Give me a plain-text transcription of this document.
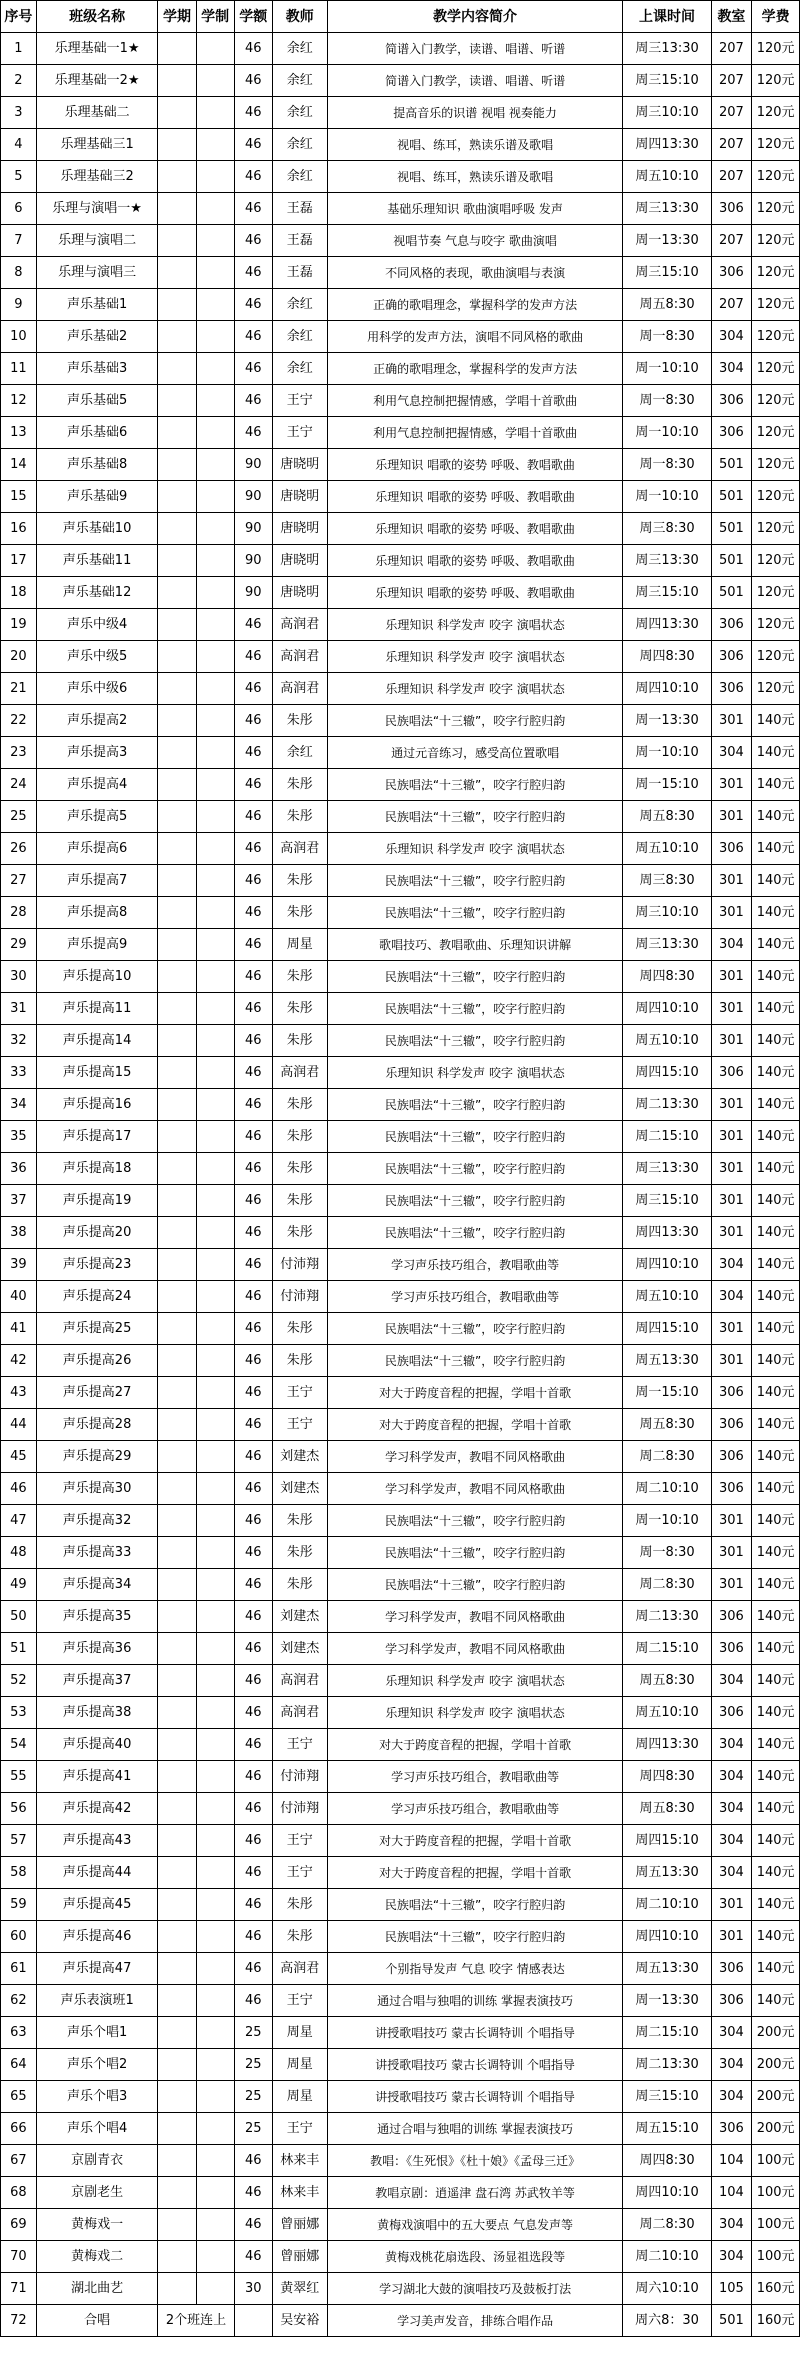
序号	班级名称	学期	学制	学额	教师	教学内容简介	上课时间	教室	学费
1	乐理基础一1★			46	余红	简谱入门教学，读谱、唱谱、听谱	周三13:30	207	120元
2	乐理基础一2★			46	余红	简谱入门教学，读谱、唱谱、听谱	周三15:10	207	120元
3	乐理基础二			46	余红	提高音乐的识谱 视唱 视奏能力	周三10:10	207	120元
4	乐理基础三1			46	余红	视唱、练耳，熟读乐谱及歌唱	周四13:30	207	120元
5	乐理基础三2			46	余红	视唱、练耳，熟读乐谱及歌唱	周五10:10	207	120元
6	乐理与演唱一★			46	王磊	基础乐理知识 歌曲演唱呼吸 发声	周三13:30	306	120元
7	乐理与演唱二			46	王磊	视唱节奏 气息与咬字 歌曲演唱	周一13:30	207	120元
8	乐理与演唱三			46	王磊	不同风格的表现，歌曲演唱与表演	周三15:10	306	120元
9	声乐基础1			46	余红	正确的歌唱理念，掌握科学的发声方法	周五8:30	207	120元
10	声乐基础2			46	余红	用科学的发声方法，演唱不同风格的歌曲	周一8:30	304	120元
11	声乐基础3			46	余红	正确的歌唱理念，掌握科学的发声方法	周一10:10	304	120元
12	声乐基础5			46	王宁	利用气息控制把握情感，学唱十首歌曲	周一8:30	306	120元
13	声乐基础6			46	王宁	利用气息控制把握情感，学唱十首歌曲	周一10:10	306	120元
14	声乐基础8			90	唐晓明	乐理知识 唱歌的姿势 呼吸、教唱歌曲	周一8:30	501	120元
15	声乐基础9			90	唐晓明	乐理知识 唱歌的姿势 呼吸、教唱歌曲	周一10:10	501	120元
16	声乐基础10			90	唐晓明	乐理知识 唱歌的姿势 呼吸、教唱歌曲	周三8:30	501	120元
17	声乐基础11			90	唐晓明	乐理知识 唱歌的姿势 呼吸、教唱歌曲	周三13:30	501	120元
18	声乐基础12			90	唐晓明	乐理知识 唱歌的姿势 呼吸、教唱歌曲	周三15:10	501	120元
19	声乐中级4			46	高润君	乐理知识 科学发声 咬字 演唱状态	周四13:30	306	120元
20	声乐中级5			46	高润君	乐理知识 科学发声 咬字 演唱状态	周四8:30	306	120元
21	声乐中级6			46	高润君	乐理知识 科学发声 咬字 演唱状态	周四10:10	306	120元
22	声乐提高2			46	朱彤	民族唱法“十三辙”，咬字行腔归韵	周一13:30	301	140元
23	声乐提高3			46	余红	通过元音练习，感受高位置歌唱	周一10:10	304	140元
24	声乐提高4			46	朱彤	民族唱法“十三辙”，咬字行腔归韵	周一15:10	301	140元
25	声乐提高5			46	朱彤	民族唱法“十三辙”，咬字行腔归韵	周五8:30	301	140元
26	声乐提高6			46	高润君	乐理知识 科学发声 咬字 演唱状态	周五10:10	306	140元
27	声乐提高7			46	朱彤	民族唱法“十三辙”，咬字行腔归韵	周三8:30	301	140元
28	声乐提高8			46	朱彤	民族唱法“十三辙”，咬字行腔归韵	周三10:10	301	140元
29	声乐提高9			46	周星	歌唱技巧、教唱歌曲、乐理知识讲解	周三13:30	304	140元
30	声乐提高10			46	朱彤	民族唱法“十三辙”，咬字行腔归韵	周四8:30	301	140元
31	声乐提高11			46	朱彤	民族唱法“十三辙”，咬字行腔归韵	周四10:10	301	140元
32	声乐提高14			46	朱彤	民族唱法“十三辙”，咬字行腔归韵	周五10:10	301	140元
33	声乐提高15			46	高润君	乐理知识 科学发声 咬字 演唱状态	周四15:10	306	140元
34	声乐提高16			46	朱彤	民族唱法“十三辙”，咬字行腔归韵	周二13:30	301	140元
35	声乐提高17			46	朱彤	民族唱法“十三辙”，咬字行腔归韵	周二15:10	301	140元
36	声乐提高18			46	朱彤	民族唱法“十三辙”，咬字行腔归韵	周三13:30	301	140元
37	声乐提高19			46	朱彤	民族唱法“十三辙”，咬字行腔归韵	周三15:10	301	140元
38	声乐提高20			46	朱彤	民族唱法“十三辙”，咬字行腔归韵	周四13:30	301	140元
39	声乐提高23			46	付沛翔	学习声乐技巧组合，教唱歌曲等	周四10:10	304	140元
40	声乐提高24			46	付沛翔	学习声乐技巧组合，教唱歌曲等	周五10:10	304	140元
41	声乐提高25			46	朱彤	民族唱法“十三辙”，咬字行腔归韵	周四15:10	301	140元
42	声乐提高26			46	朱彤	民族唱法“十三辙”，咬字行腔归韵	周五13:30	301	140元
43	声乐提高27			46	王宁	对大于跨度音程的把握，学唱十首歌	周一15:10	306	140元
44	声乐提高28			46	王宁	对大于跨度音程的把握，学唱十首歌	周五8:30	306	140元
45	声乐提高29			46	刘建杰	学习科学发声，教唱不同风格歌曲	周二8:30	306	140元
46	声乐提高30			46	刘建杰	学习科学发声，教唱不同风格歌曲	周二10:10	306	140元
47	声乐提高32			46	朱彤	民族唱法“十三辙”，咬字行腔归韵	周一10:10	301	140元
48	声乐提高33			46	朱彤	民族唱法“十三辙”，咬字行腔归韵	周一8:30	301	140元
49	声乐提高34			46	朱彤	民族唱法“十三辙”，咬字行腔归韵	周二8:30	301	140元
50	声乐提高35			46	刘建杰	学习科学发声，教唱不同风格歌曲	周二13:30	306	140元
51	声乐提高36			46	刘建杰	学习科学发声，教唱不同风格歌曲	周二15:10	306	140元
52	声乐提高37			46	高润君	乐理知识 科学发声 咬字 演唱状态	周五8:30	304	140元
53	声乐提高38			46	高润君	乐理知识 科学发声 咬字 演唱状态	周五10:10	306	140元
54	声乐提高40			46	王宁	对大于跨度音程的把握，学唱十首歌	周四13:30	304	140元
55	声乐提高41			46	付沛翔	学习声乐技巧组合，教唱歌曲等	周四8:30	304	140元
56	声乐提高42			46	付沛翔	学习声乐技巧组合，教唱歌曲等	周五8:30	304	140元
57	声乐提高43			46	王宁	对大于跨度音程的把握，学唱十首歌	周四15:10	304	140元
58	声乐提高44			46	王宁	对大于跨度音程的把握，学唱十首歌	周五13:30	304	140元
59	声乐提高45			46	朱彤	民族唱法“十三辙”，咬字行腔归韵	周二10:10	301	140元
60	声乐提高46			46	朱彤	民族唱法“十三辙”，咬字行腔归韵	周四10:10	301	140元
61	声乐提高47			46	高润君	个别指导发声 气息 咬字 情感表达	周五13:30	306	140元
62	声乐表演班1			46	王宁	通过合唱与独唱的训练 掌握表演技巧	周一13:30	306	140元
63	声乐个唱1			25	周星	讲授歌唱技巧 蒙古长调特训 个唱指导	周二15:10	304	200元
64	声乐个唱2			25	周星	讲授歌唱技巧 蒙古长调特训 个唱指导	周二13:30	304	200元
65	声乐个唱3			25	周星	讲授歌唱技巧 蒙古长调特训 个唱指导	周三15:10	304	200元
66	声乐个唱4			25	王宁	通过合唱与独唱的训练 掌握表演技巧	周五15:10	306	200元
67	京剧青衣			46	林来丰	教唱：《生死恨》《杜十娘》《孟母三迁》	周四8:30	104	100元
68	京剧老生			46	林来丰	教唱京剧：逍遥津 盘石湾 苏武牧羊等	周四10:10	104	100元
69	黄梅戏一			46	曾丽娜	黄梅戏演唱中的五大要点 气息发声等	周二8:30	304	100元
70	黄梅戏二			46	曾丽娜	黄梅戏桃花扇选段、汤显祖选段等	周二10:10	304	100元
71	湖北曲艺			30	黄翠红	学习湖北大鼓的演唱技巧及鼓板打法	周六10:10	105	160元
72	合唱	2个班连上			吴安裕	学习美声发音，排练合唱作品	周六8：30	501	160元
